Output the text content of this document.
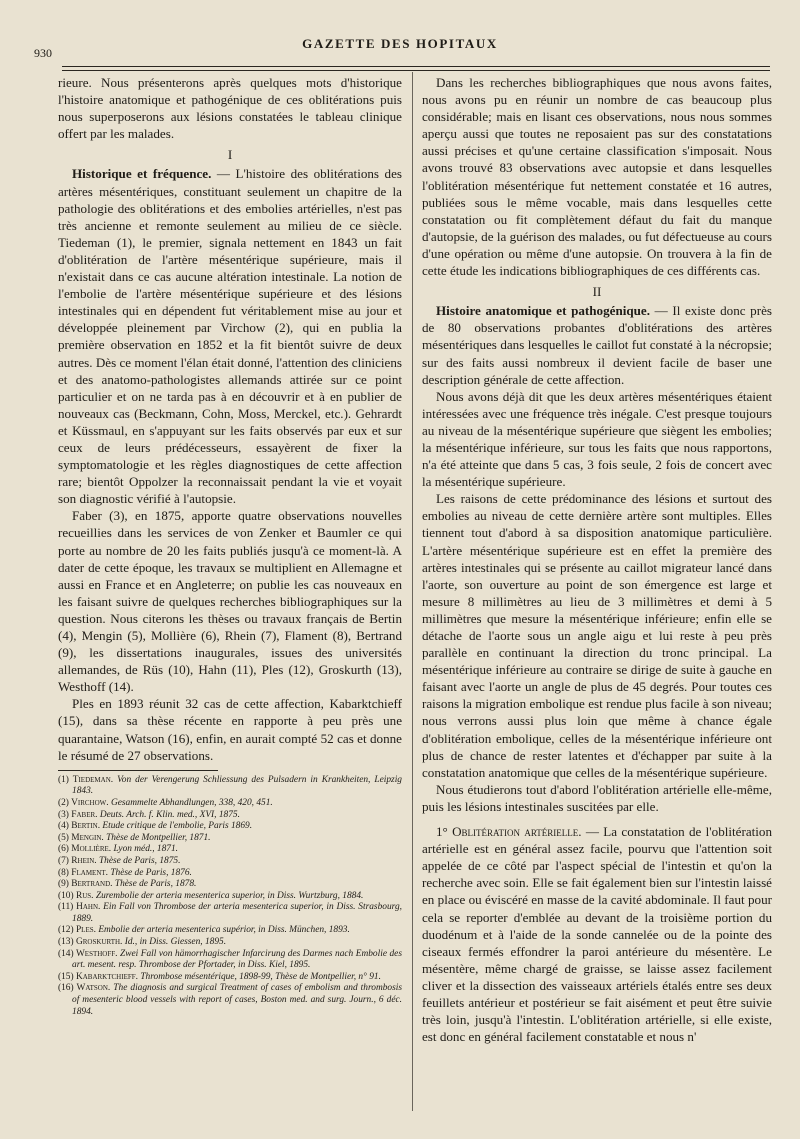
930
GAZETTE DES HOPITAUX

rieure. Nous présenterons après quelques mots d'historique l'histoire anatomique et pathogénique de ces oblitérations puis nous superposerons aux lésions constatées le tableau clinique offert par les malades.

I

Historique et fréquence. — L'histoire des oblitérations des artères mésentériques, constituant seulement un chapitre de la pathologie des oblitérations et des embolies artérielles, n'est pas très ancienne et remonte seulement au milieu de ce siècle. Tiedeman (1), le premier, signala nettement en 1843 un fait d'oblitération de l'artère mésentérique supérieure, mais il n'existait dans ce cas aucune altération intestinale. La notion de l'embolie de l'artère mésentérique supérieure et des lésions intestinales qui en dépendent fut véritablement mise au jour et développée pleinement par Virchow (2), qui en publia la première observation en 1852 et la fit bientôt suivre de deux autres. Dès ce moment l'élan était donné, l'attention des cliniciens et des anatomo-pathologistes allemands attirée sur ce point particulier et on ne tarda pas à en découvrir et à en publier de nouveaux cas (Beckmann, Cohn, Moss, Merckel, etc.). Gehrardt et Küssmaul, en s'appuyant sur les faits observés par eux et sur ceux de leurs prédécesseurs, essayèrent de fixer la symptomatologie et les règles diagnostiques de cette affection rare; bientôt Oppolzer la reconnaissait pendant la vie et voyait son diagnostic vérifié à l'autopsie.

Faber (3), en 1875, apporte quatre observations nouvelles recueillies dans les services de von Zenker et Baumler ce qui porte au nombre de 20 les faits publiés jusqu'à ce moment-là. A dater de cette époque, les travaux se multiplient en Allemagne et aussi en France et en Angleterre; on publie les cas nouveaux en les faisant suivre de quelques recherches bibliographiques sur la question. Nous citerons les thèses ou travaux français de Bertin (4), Mengin (5), Mollière (6), Rhein (7), Flament (8), Bertrand (9), les dissertations inaugurales, issues des universités allemandes, de Rüs (10), Hahn (11), Ples (12), Groskurth (13), Westhoff (14).

Ples en 1893 réunit 32 cas de cette affection, Kabarktchieff (15), dans sa thèse récente en rapporte à peu près une quarantaine, Watson (16), enfin, en aurait compté 52 cas et donne le résumé de 27 observations.

(1) Tiedeman. Von der Verengerung Schliessung des Pulsadern in Krankheiten, Leipzig 1843.
(2) Virchow. Gesammelte Abhandlungen, 338, 420, 451.
(3) Faber. Deuts. Arch. f. Klin. med., XVI, 1875.
(4) Bertin. Etude critique de l'embolie, Paris 1869.
(5) Mengin. Thèse de Montpellier, 1871.
(6) Mollière. Lyon méd., 1871.
(7) Rhein. Thèse de Paris, 1875.
(8) Flament. Thèse de Paris, 1876.
(9) Bertrand. Thèse de Paris, 1878.
(10) Rus. Zurembolie der arteria mesenterica superior, in Diss. Wurtzburg, 1884.
(11) Hahn. Ein Fall von Thrombose der arteria mesenterica superior, in Diss. Strasbourg, 1889.
(12) Ples. Embolie der arteria mesenterica supérior, in Diss. München, 1893.
(13) Groskurth. Id., in Diss. Giessen, 1895.
(14) Westhoff. Zwei Fall von hämorrhagischer Infarcirung des Darmes nach Embolie des art. mesent. resp. Thrombose der Pfortader, in Diss. Kiel, 1895.
(15) Kabarktchieff. Thrombose mésentérique, 1898-99, Thèse de Montpellier, n° 91.
(16) Watson. The diagnosis and surgical Treatment of cases of embolism and thrombosis of mesenteric blood vessels with report of cases, Boston med. and surg. Journ., 6 déc. 1894.

Dans les recherches bibliographiques que nous avons faites, nous avons pu en réunir un nombre de cas beaucoup plus considérable; mais en lisant ces observations, nous nous sommes aperçu aussi que toutes ne reposaient pas sur des constatations aussi précises et qu'une certaine classification s'imposait. Nous avons trouvé 83 observations avec autopsie et dans lesquelles l'oblitération mésentérique fut nettement constatée et 16 autres, publiées sous le même vocable, mais dans lesquelles cette constatation ou fit complètement défaut du fait du manque d'autopsie, de la guérison des malades, ou fut défectueuse au cours d'une opération ou même d'une autopsie. On trouvera à la fin de cette étude les indications bibliographiques de ces différents cas.

II

Histoire anatomique et pathogénique. — Il existe donc près de 80 observations probantes d'oblitérations des artères mésentériques dans lesquelles le caillot fut constaté à la nécropsie; sur des faits aussi nombreux il devient facile de baser une description générale de cette affection.

Nous avons déjà dit que les deux artères mésentériques étaient intéressées avec une fréquence très inégale. C'est presque toujours au niveau de la mésentérique supérieure que siègent les embolies; la mésentérique inférieure, sur tous les faits que nous rapportons, n'a été atteinte que dans 5 cas, 3 fois seule, 2 fois de concert avec la mésentérique supérieure.

Les raisons de cette prédominance des lésions et surtout des embolies au niveau de cette dernière artère sont multiples. Elles tiennent tout d'abord à sa disposition anatomique particulière. L'artère mésentérique supérieure est en effet la première des artères intestinales qui se présente au caillot migrateur lancé dans l'aorte, son ouverture au point de son émergence est large et mesure 8 millimètres au lieu de 3 millimètres et demi à 5 millimètres que mesure la mésentérique inférieure; enfin elle se détache de l'aorte sous un angle aigu et lui reste à peu près parallèle en continuant la direction du tronc principal. La mésentérique inférieure au contraire se dirige de suite à gauche en faisant avec l'aorte un angle de plus de 45 degrés. Pour toutes ces raisons la migration embolique est rendue plus facile à son niveau; nous verrons aussi plus loin que même à chance égale d'oblitération embolique, celles de la mésentérique inférieure ont plus de chance de rester latentes et d'échapper par suite à la constatation anatomique que celles de la mésentérique supérieure.

Nous étudierons tout d'abord l'oblitération artérielle elle-même, puis les lésions intestinales suscitées par elle.

1° Oblitération artérielle. — La constatation de l'oblitération artérielle est en général assez facile, pourvu que l'attention soit appelée de ce côté par l'aspect spécial de l'intestin et qu'on la recherche avec soin. Elle se fait également bien sur l'intestin laissé en place ou éviscéré en masse de la cavité abdominale. Il faut pour cela se reporter d'emblée au devant de la troisième portion du duodénum et à l'aide de la sonde cannelée ou de la pointe des ciseaux fermés effondrer la paroi antérieure du mésentère. Le mésentère, même chargé de graisse, se laisse assez facilement cliver et la dissection des vaisseaux artériels étalés entre ses deux feuillets antérieur et postérieur se fait aisément et peut être suivie très loin, jusqu'à l'intestin. L'oblitération artérielle, si elle existe, est donc en général facilement constatable et nous n'
